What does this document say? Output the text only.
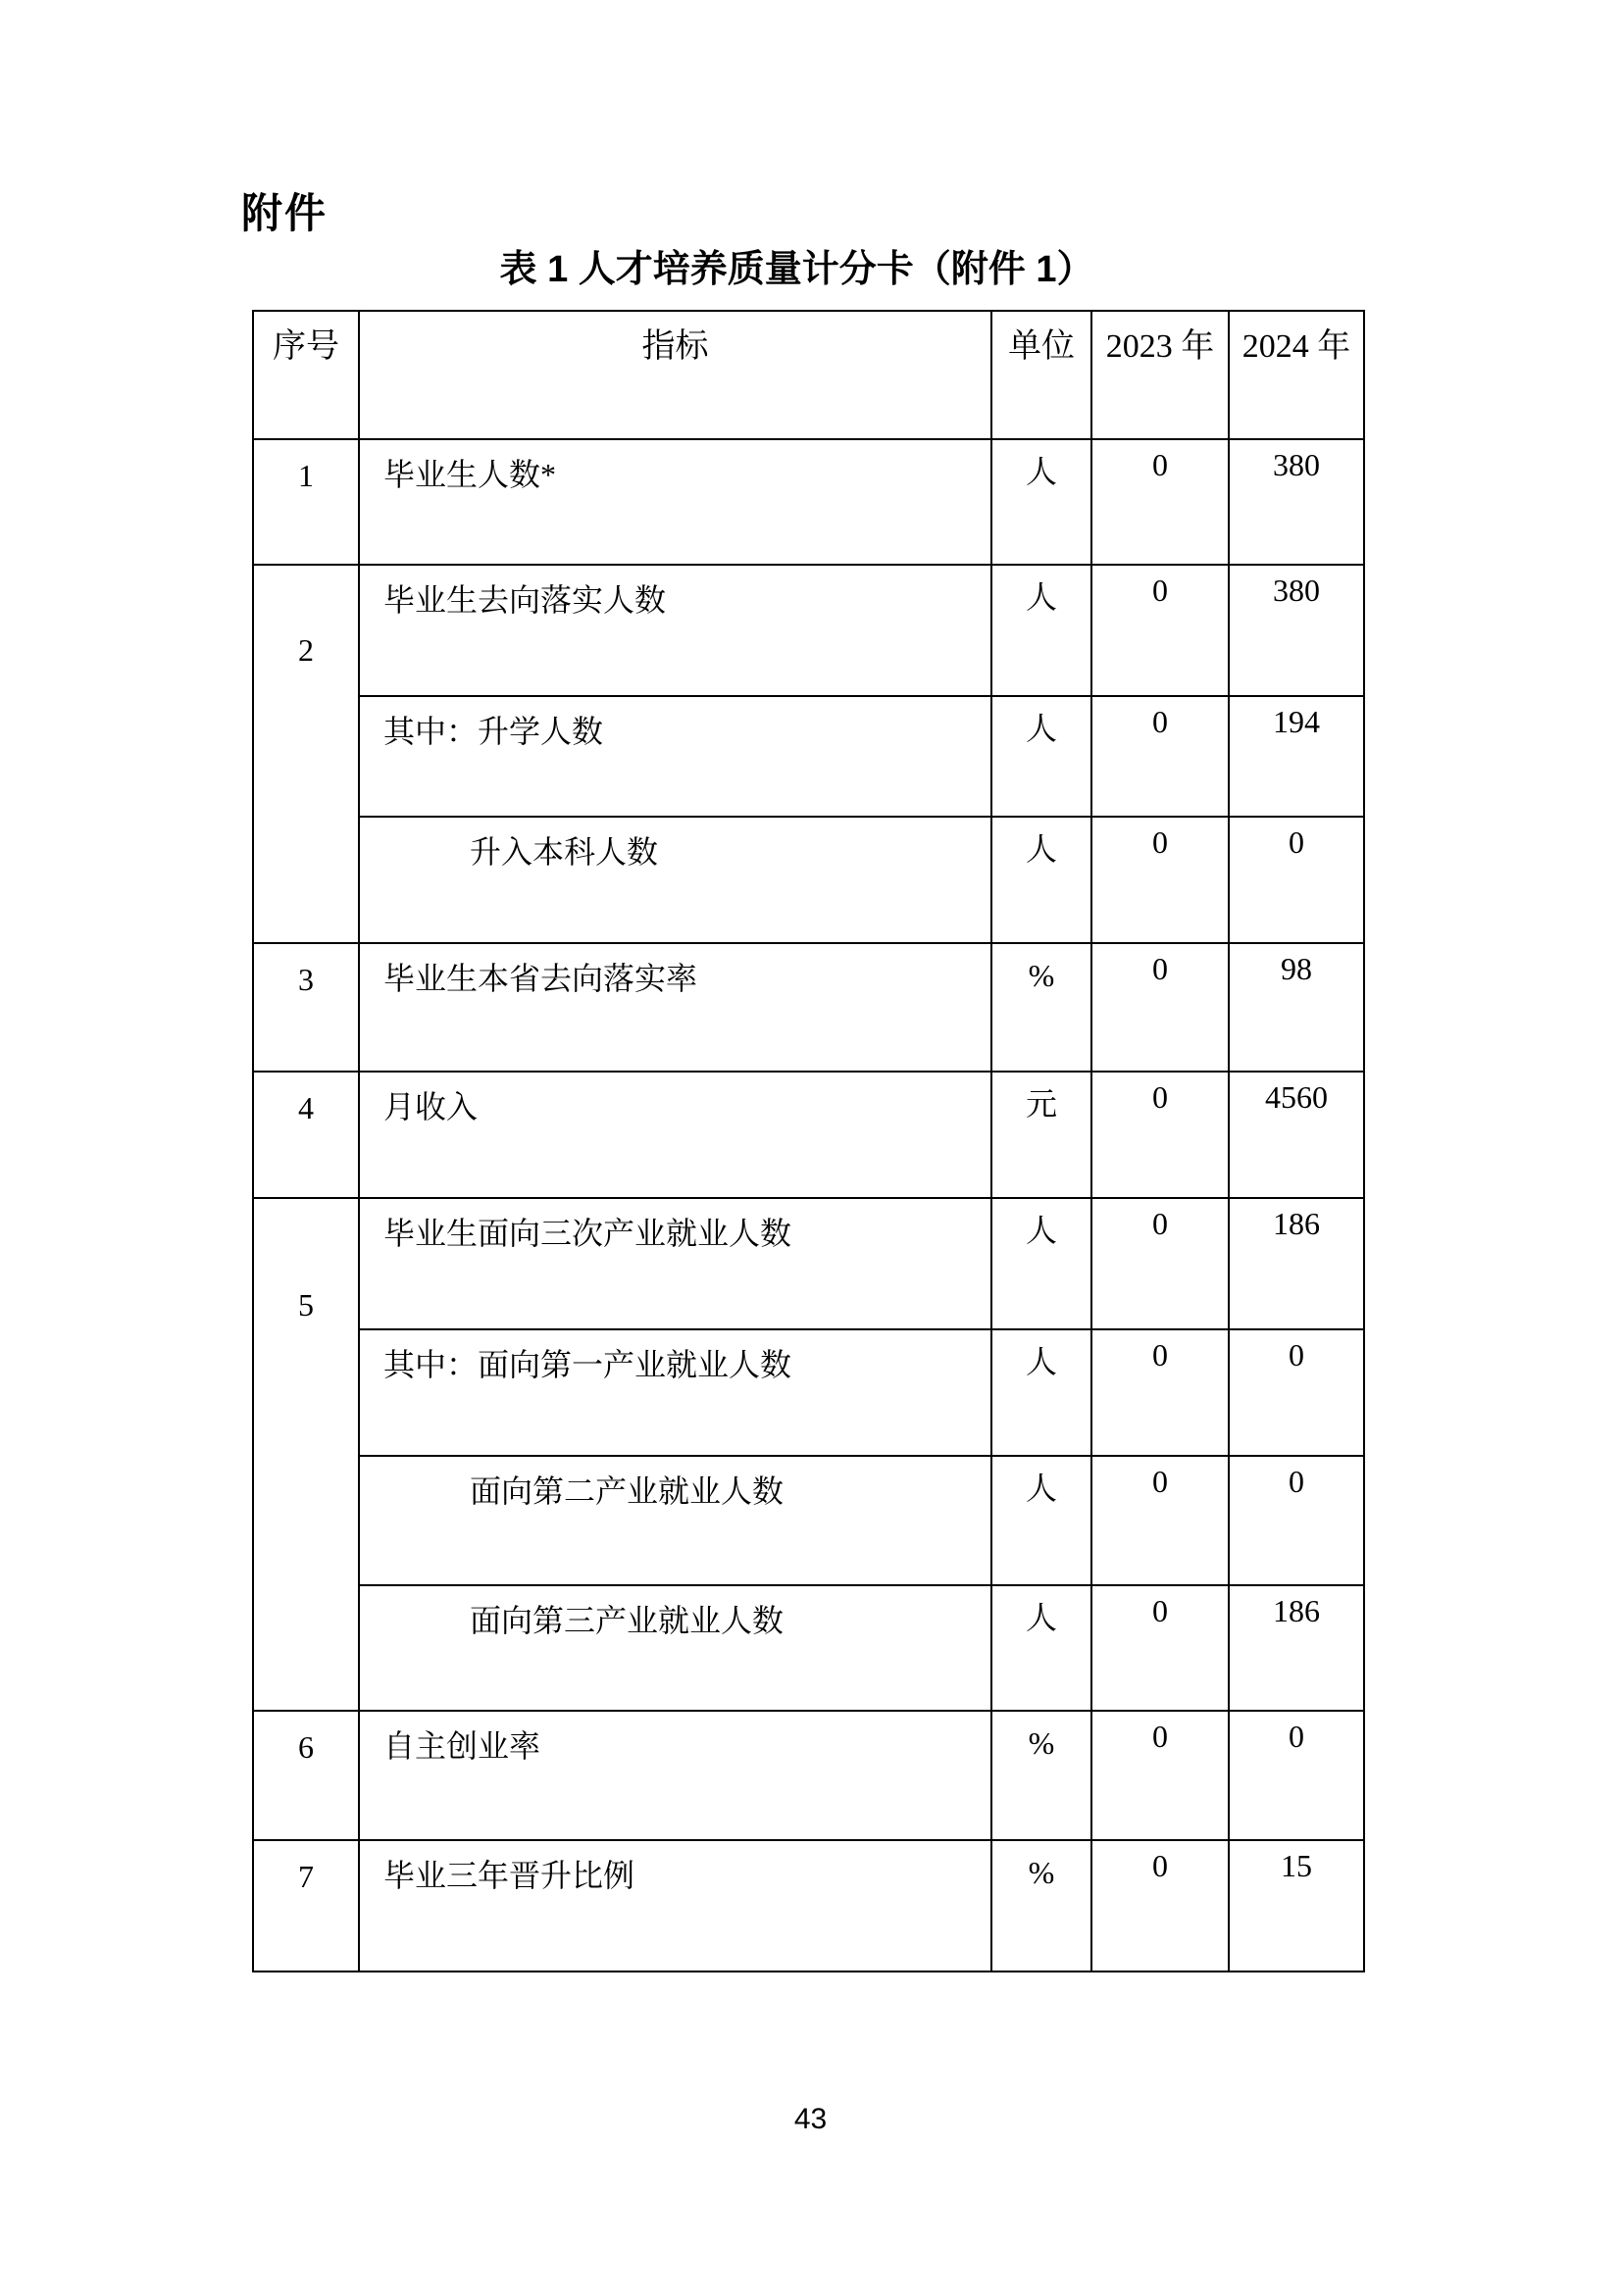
附件
表 1 人才培养质量计分卡（附件 1）
序号	指标	单位	2023 年	2024 年
1	毕业生人数*	人	0	380
2	毕业生去向落实人数	人	0	380
	其中：升学人数	人	0	194
	升入本科人数	人	0	0
3	毕业生本省去向落实率	%	0	98
4	月收入	元	0	4560
5	毕业生面向三次产业就业人数	人	0	186
	其中：面向第一产业就业人数	人	0	0
	面向第二产业就业人数	人	0	0
	面向第三产业就业人数	人	0	186
6	自主创业率	%	0	0
7	毕业三年晋升比例	%	0	15
43
